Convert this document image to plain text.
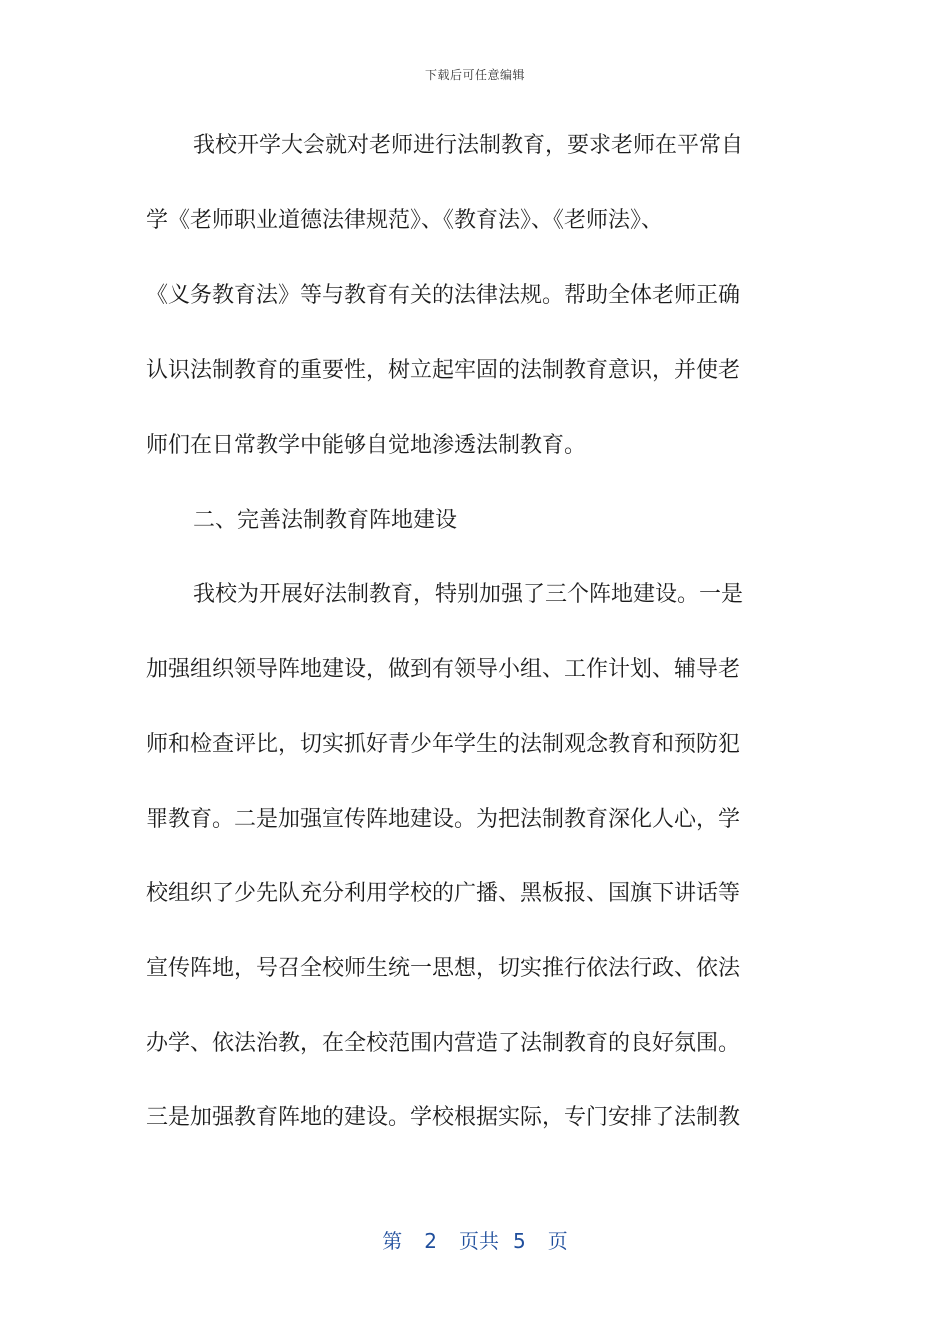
下载后可任意编辑
我校开学大会就对老师进行法制教育，要求老师在平常自
学《老师职业道德法律规范》、《教育法》、《老师法》、
《义务教育法》等与教育有关的法律法规。帮助全体老师正确
认识法制教育的重要性，树立起牢固的法制教育意识，并使老
师们在日常教学中能够自觉地渗透法制教育。
二、完善法制教育阵地建设
我校为开展好法制教育，特别加强了三个阵地建设。一是
加强组织领导阵地建设，做到有领导小组、工作计划、辅导老
师和检查评比，切实抓好青少年学生的法制观念教育和预防犯
罪教育。二是加强宣传阵地建设。为把法制教育深化人心，学
校组织了少先队充分利用学校的广播、黑板报、国旗下讲话等
宣传阵地，号召全校师生统一思想，切实推行依法行政、依法
办学、依法治教，在全校范围内营造了法制教育的良好氛围。
三是加强教育阵地的建设。学校根据实际，专门安排了法制教
第 2 页共 5 页
